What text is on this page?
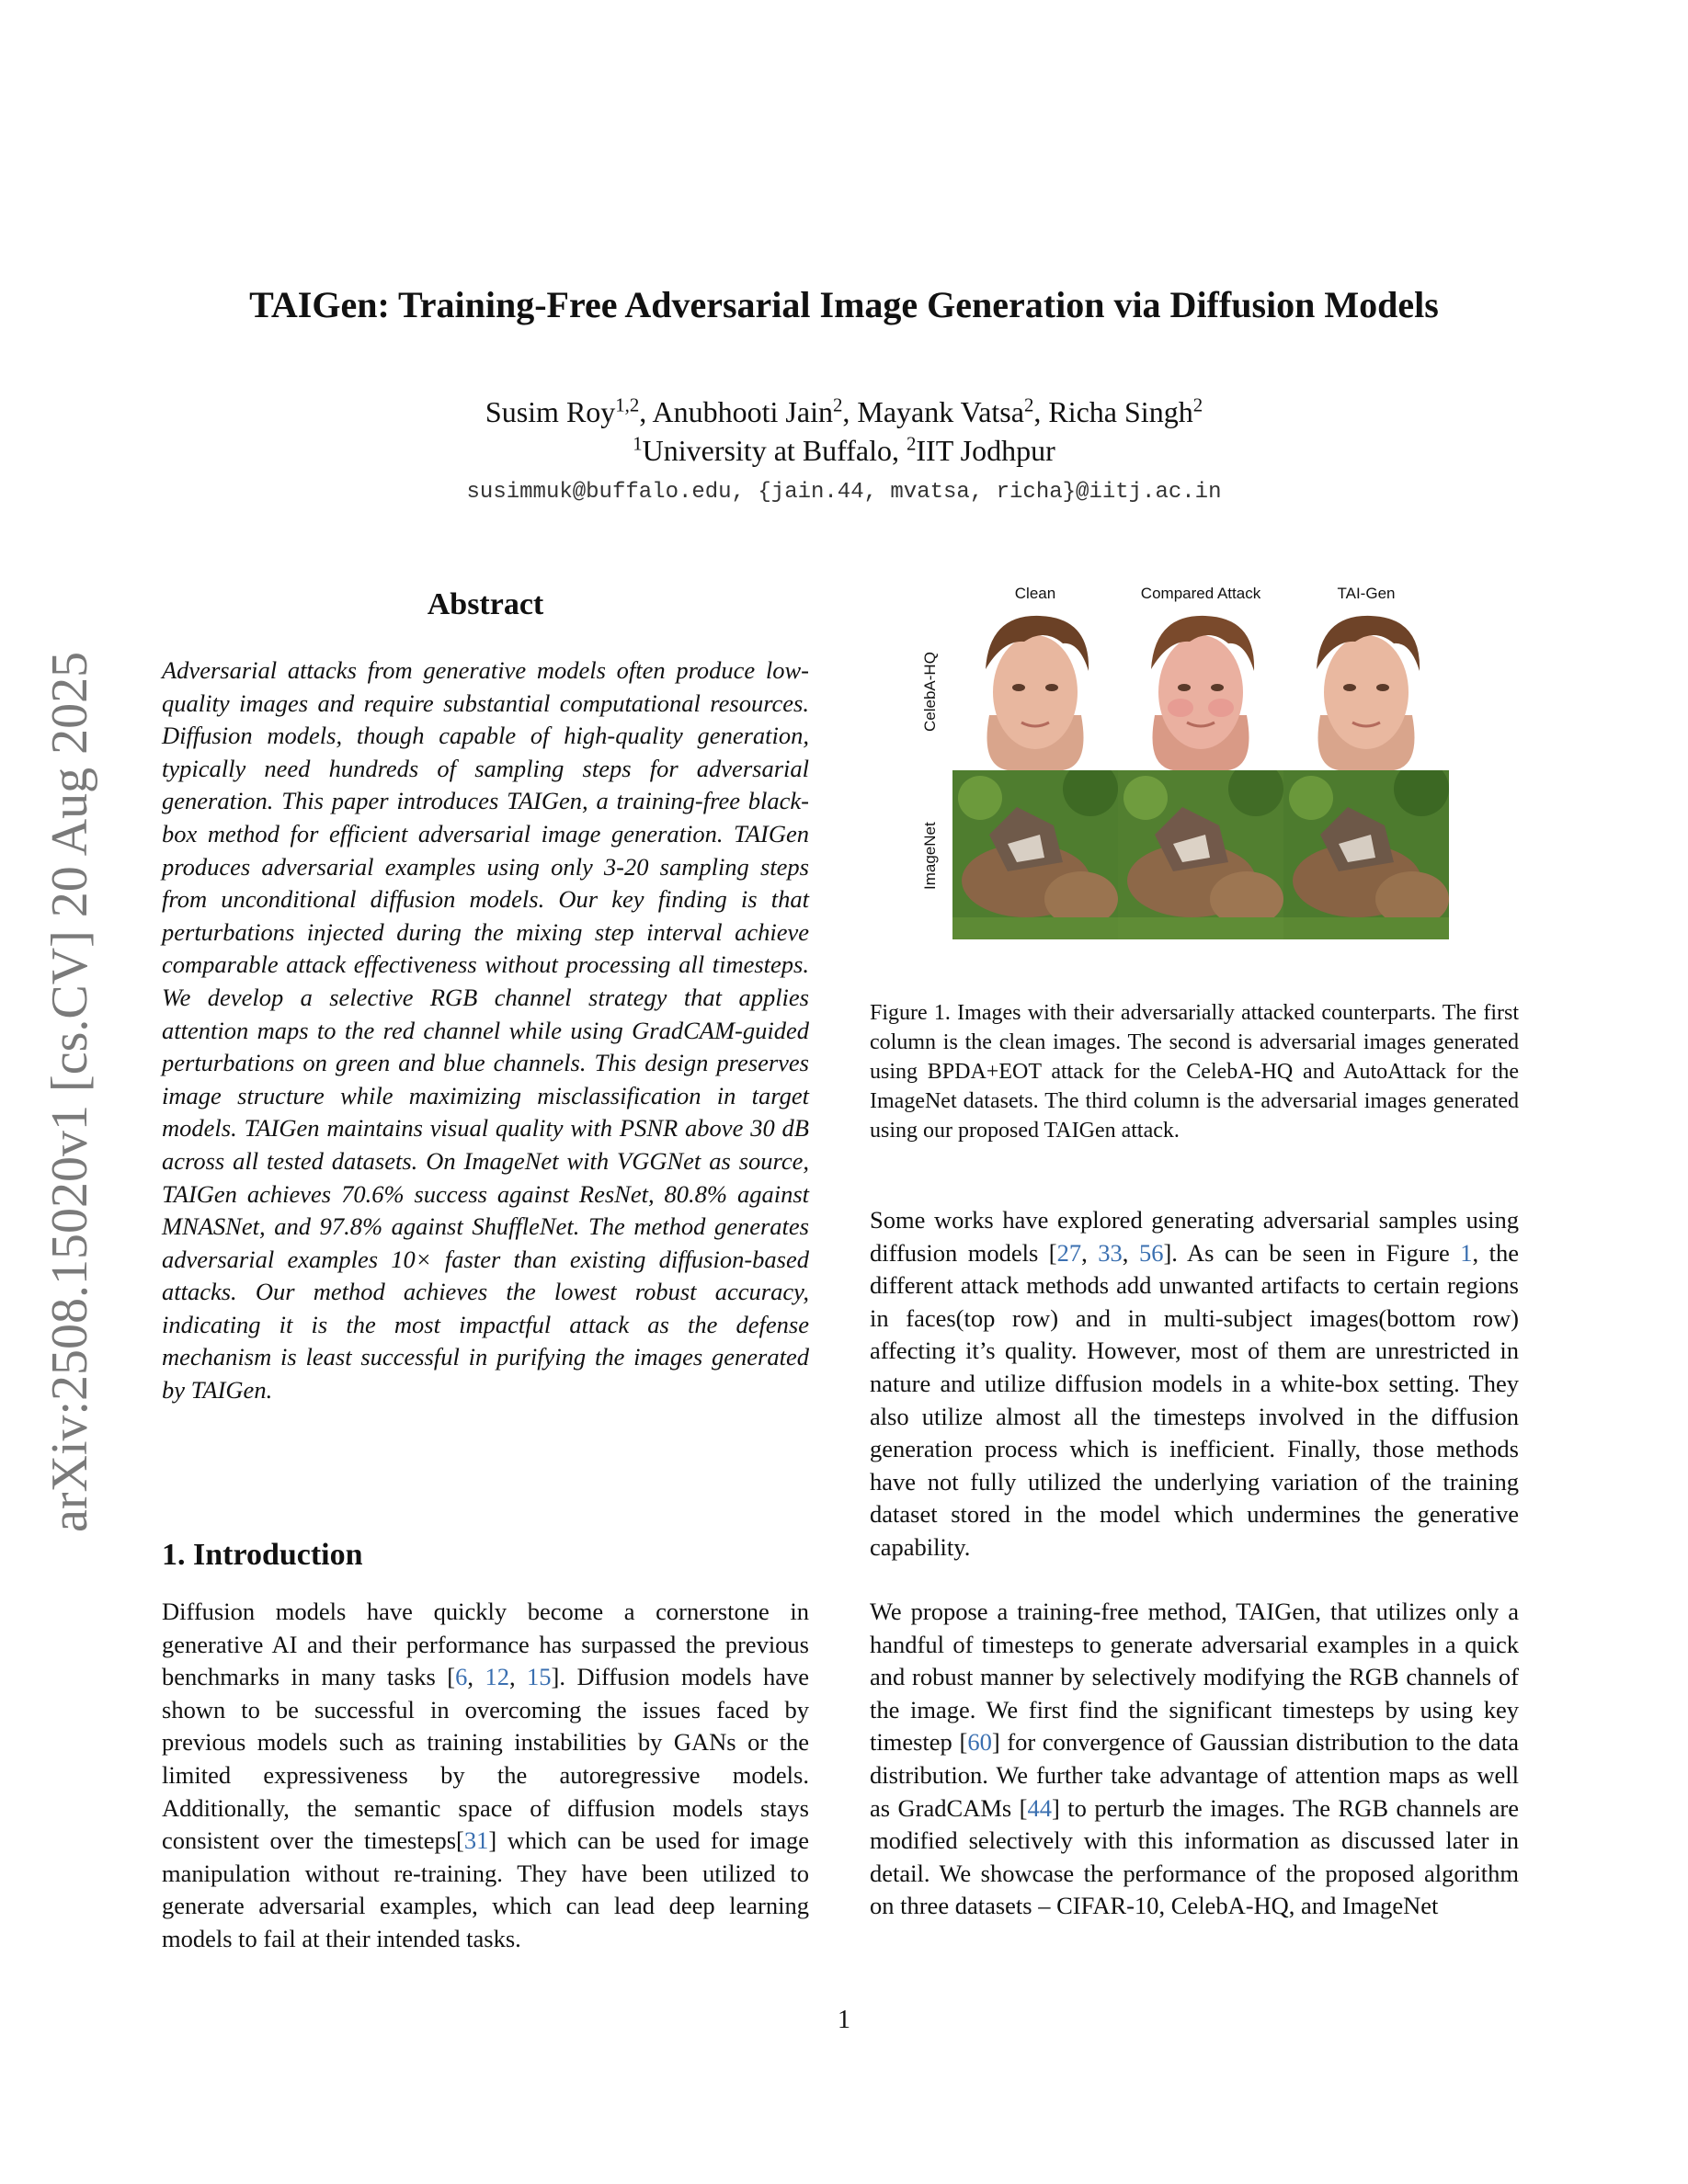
arXiv:2508.15020v1 [cs.CV] 20 Aug 2025
TAIGen: Training-Free Adversarial Image Generation via Diffusion Models
Susim Roy$^{1,2}$, Anubhooti Jain$^2$, Mayank Vatsa$^2$, Richa Singh$^2$
$^1$University at Buffalo, $^2$IIT Jodhpur
susimmuk@buffalo.edu, {jain.44, mvatsa, richa}@iitj.ac.in
Abstract

Adversarial attacks from generative models often produce low-quality images and require substantial computational resources. Diffusion models, though capable of high-quality generation, typically need hundreds of sampling steps for adversarial generation. This paper introduces TAIGen, a training-free black-box method for efficient adversarial image generation. TAIGen produces adversarial examples using only 3-20 sampling steps from unconditional diffusion models. Our key finding is that perturbations injected during the mixing step interval achieve comparable attack effectiveness without processing all timesteps. We develop a selective RGB channel strategy that applies attention maps to the red channel while using GradCAM-guided perturbations on green and blue channels. This design preserves image structure while maximizing misclassification in target models. TAIGen maintains visual quality with PSNR above 30 dB across all tested datasets. On ImageNet with VGGNet as source, TAIGen achieves 70.6% success against ResNet, 80.8% against MNASNet, and 97.8% against ShuffleNet. The method generates adversarial examples 10× faster than existing diffusion-based attacks. Our method achieves the lowest robust accuracy, indicating it is the most impactful attack as the defense mechanism is least successful in purifying the images generated by TAIGen.

1. Introduction

Diffusion models have quickly become a cornerstone in generative AI and their performance has surpassed the previous benchmarks in many tasks [6, 12, 15]. Diffusion models have shown to be successful in overcoming the issues faced by previous models such as training instabilities by GANs or the limited expressiveness by the autoregressive models. Additionally, the semantic space of diffusion models stays consistent over the timesteps[31] which can be used for image manipulation without re-training. They have been utilized to generate adversarial examples, which can lead deep learning models to fail at their intended tasks.

Clean	Compared Attack	TAI-Gen
CelebA-HQ
ImageNet

Figure 1. Images with their adversarially attacked counterparts. The first column is the clean images. The second is adversarial images generated using BPDA+EOT attack for the CelebA-HQ and AutoAttack for the ImageNet datasets. The third column is the adversarial images generated using our proposed TAIGen attack.

Some works have explored generating adversarial samples using diffusion models [27, 33, 56]. As can be seen in Figure 1, the different attack methods add unwanted artifacts to certain regions in faces(top row) and in multi-subject images(bottom row) affecting it’s quality. However, most of them are unrestricted in nature and utilize diffusion models in a white-box setting. They also utilize almost all the timesteps involved in the diffusion generation process which is inefficient. Finally, those methods have not fully utilized the underlying variation of the training dataset stored in the model which undermines the generative capability.

We propose a training-free method, TAIGen, that utilizes only a handful of timesteps to generate adversarial examples in a quick and robust manner by selectively modifying the RGB channels of the image. We first find the significant timesteps by using key timestep [60] for convergence of Gaussian distribution to the data distribution. We further take advantage of attention maps as well as GradCAMs [44] to perturb the images. The RGB channels are modified selectively with this information as discussed later in detail. We showcase the performance of the proposed algorithm on three datasets – CIFAR-10, CelebA-HQ, and ImageNet

1
